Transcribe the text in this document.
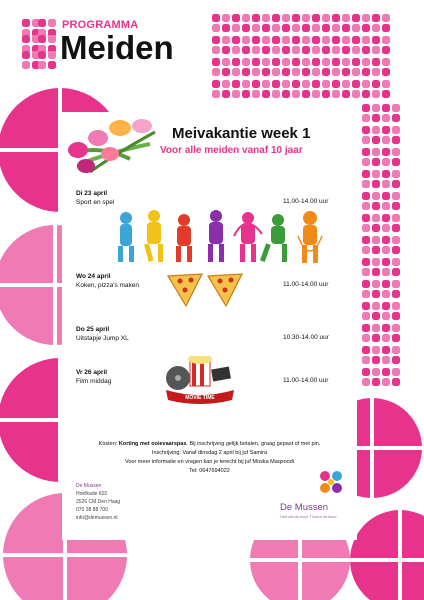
PROGRAMMA
Meiden
Meivakantie week 1
Voor alle meiden vanaf 10 jaar
Di 23 april
Sport en spel	11.00-14.00 uur
Wo 24 april
Koken, pizza's maken	11.00-14.00 uur
Do 25 april
Uitstapje Jump XL	10.30-14.00 uur
Vr 26 april
Film middag	11.00-14.00 uur
MOVIE TIME
Kosten: Korting met ooievaarspas. Bij inschrijving gelijk betalen, graag gepast of met pin.
Inschrijving: Vanaf dinsdag 2 april bij juf Samira
Voor meer informatie en vragen kan je terecht bij juf Moska Maqsoodi
Tel: 0647694022
De Mussen
Hoefkade 602
2526 CM Den Haag
070 38 88 700
info@demussen.nl
De Mussen
Hart van de buurt. Thuis in de buurt
